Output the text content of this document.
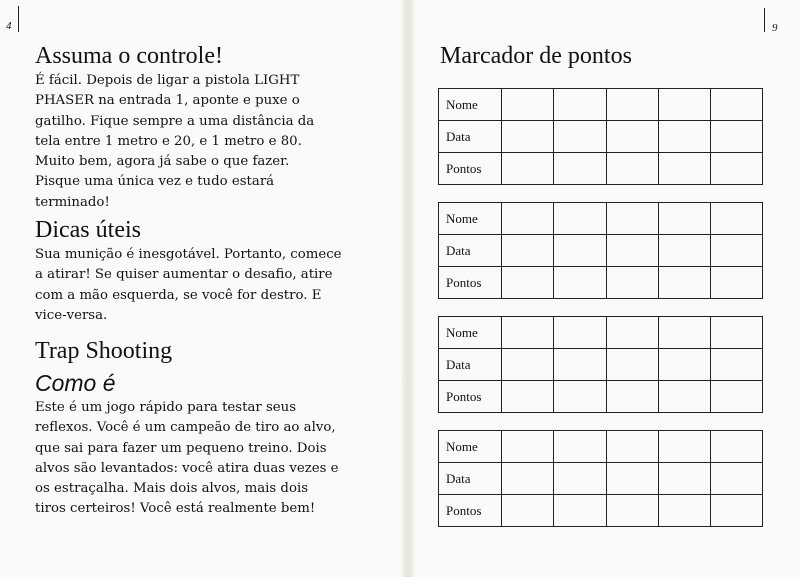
4	9
Assuma o controle!
É fácil. Depois de ligar a pistola LIGHT
PHASER na entrada 1, aponte e puxe o
gatilho. Fique sempre a uma distância da
tela entre 1 metro e 20, e 1 metro e 80.
Muito bem, agora já sabe o que fazer.
Pisque uma única vez e tudo estará
terminado!
Dicas úteis
Sua munição é inesgotável. Portanto, comece
a atirar! Se quiser aumentar o desafio, atire
com a mão esquerda, se você for destro. E
vice-versa.
Trap Shooting
Como é
Este é um jogo rápido para testar seus
reflexos. Você é um campeão de tiro ao alvo,
que sai para fazer um pequeno treino. Dois
alvos são levantados: você atira duas vezes e
os estraçalha. Mais dois alvos, mais dois
tiros certeiros! Você está realmente bem!
Marcador de pontos
Nome					
Data					
Pontos					
Nome					
Data					
Pontos					
Nome					
Data					
Pontos					
Nome					
Data					
Pontos					
